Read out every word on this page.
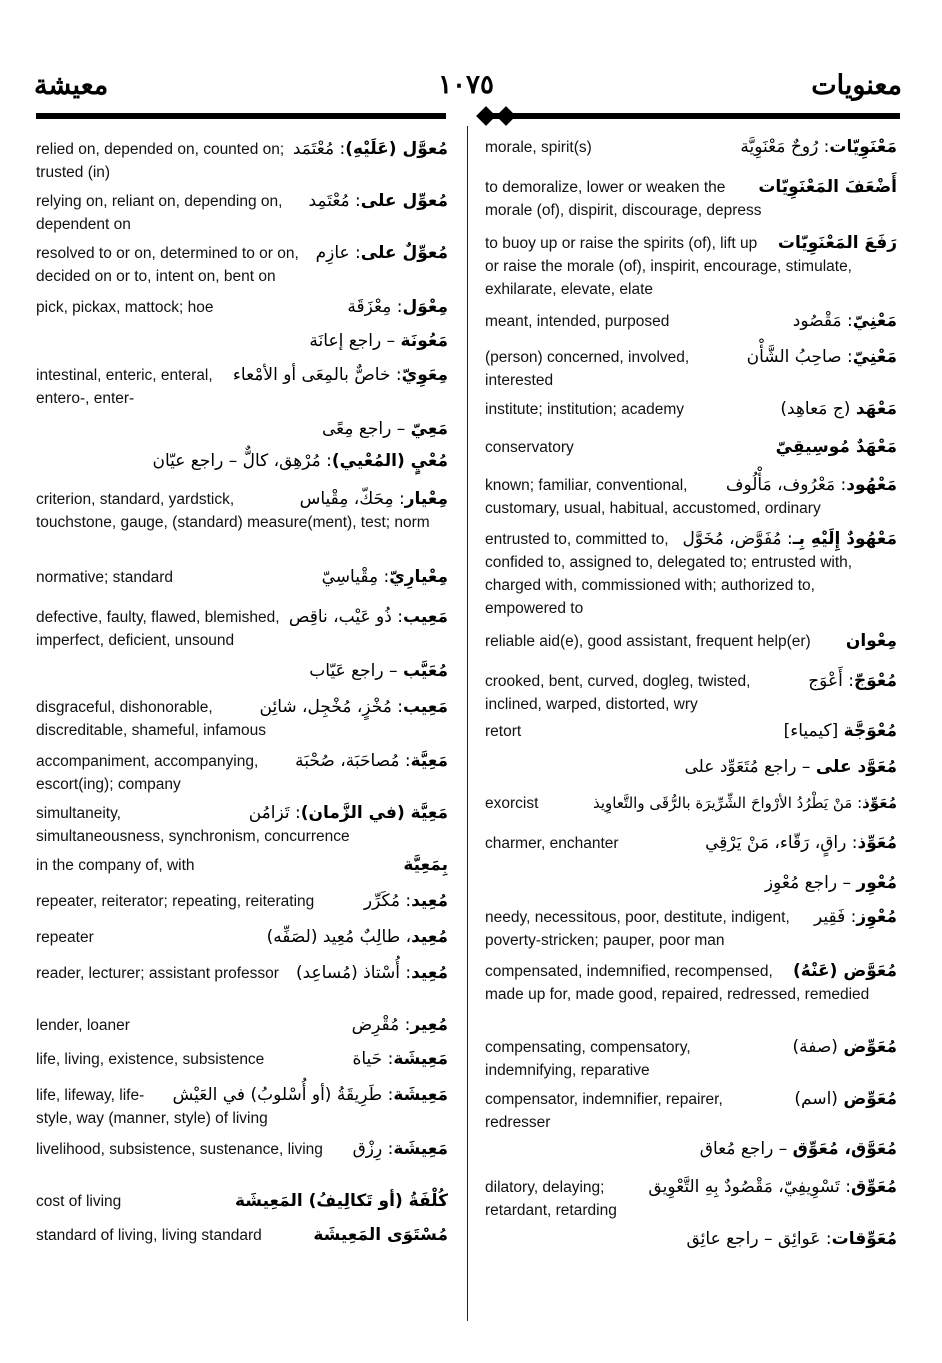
معيشة	١٠٧٥	معنويات
مُعوَّل (عَلَيْهِ): مُعْتَمَد
relied on, depended on, counted on; trusted (in)
مُعوِّل على: مُعْتَمِد
relying on, reliant on, depending on, dependent on
مُعوِّلٌ على: عازِم
resolved to or on, determined to or on, decided on or to, intent on, bent on
مِعْوَل: مِعْزَقَة
pick, pickax, mattock; hoe
مَعُونَة – راجع إعانَة
مِعَوِيّ: خاصٌّ بالمِعَى أو الأمْعاء
intestinal, enteric, enteral, entero-, enter-
مَعِيّ – راجع مِعًى
مُعْيٍ (المُعْيي): مُرْهِق، كالٌّ – راجع عيّان
مِعْيار: مِحَكّ، مِقْياس
criterion, standard, yardstick, touchstone, gauge, (standard) measure(ment), test; norm
مِعْيارِيّ: مِقْياسِيّ
normative; standard
مَعِيب: ذُو عَيْب، ناقِص
defective, faulty, flawed, blemished, imperfect, deficient, unsound
مُعَيَّب – راجع عَيّاب
مَعِيب: مُخْزٍ، مُخْجِل، شائِن
disgraceful, dishonorable, discreditable, shameful, infamous
مَعِيَّة: مُصاحَبَة، صُحْبَة
accompaniment, accompanying, escort(ing); company
مَعِيَّة (في الزَّمان): تَزامُن
simultaneity, simultaneousness, synchronism, concurrence
بِمَعِيَّة
in the company of, with
مُعِيد: مُكَرِّر
repeater, reiterator; repeating, reiterating
مُعِيد، طالِبٌ مُعِيد (لصَفِّه)
repeater
مُعِيد: أُسْتاذ (مُساعِد)
reader, lecturer; assistant professor
مُعِير: مُقْرِض
lender, loaner
مَعِيشَة: حَياة
life, living, existence, subsistence
مَعِيشَة: طَرِيقَةُ (أو أُسْلوبُ) في العَيْش
life, lifeway, life-style, way (manner, style) of living
مَعِيشَة: رِزْق
livelihood, subsistence, sustenance, living
كُلْفَةُ (أو تَكالِيفُ) المَعِيشَة
cost of living
مُسْتَوَى المَعِيشَة
standard of living, living standard
مَعْنَوِيّات: رُوحٌ مَعْنَوِيَّة
morale, spirit(s)
أَضْعَفَ المَعْنَوِيّات
to demoralize, lower or weaken the morale (of), dispirit, discourage, depress
رَفَعَ المَعْنَوِيّات
to buoy up or raise the spirits (of), lift up or raise the morale (of), inspirit, encourage, stimulate, exhilarate, elevate, elate
مَعْنِيّ: مَقْصُود
meant, intended, purposed
مَعْنِيّ: صاحِبُ الشَّأْن
(person) concerned, involved, interested
مَعْهَد (ج مَعاهِد)
institute; institution; academy
مَعْهَدٌ مُوسِيقِيّ
conservatory
مَعْهُود: مَعْرُوف، مَأْلُوف
known; familiar, conventional, customary, usual, habitual, accustomed, ordinary
مَعْهُودٌ إِلَيْهِ بِـ: مُفَوَّض، مُخَوَّل
entrusted to, committed to, confided to, assigned to, delegated to; entrusted with, charged with, commissioned with; authorized to, empowered to
مِعْوان
reliable aid(e), good assistant, frequent help(er)
مُعْوَجّ: أَعْوَج
crooked, bent, curved, dogleg, twisted, inclined, warped, distorted, wry
مُعْوَجَّة [كيمياء]
retort
مُعَوَّد على – راجع مُتَعَوِّد على
مُعَوِّذ: مَنْ يَطْرُدُ الأرْواحَ الشِّرِّيرَة بالرُّقَى والتَّعاوِيذ
exorcist
مُعَوِّذ: راقٍ، رَقّاء، مَنْ يَرْقِي
charmer, enchanter
مُعْوِر – راجع مُعْوِز
مُعْوِز: فَقِير
needy, necessitous, poor, destitute, indigent, poverty-stricken; pauper, poor man
مُعَوَّض (عَنْهُ)
compensated, indemnified, recompensed, made up for, made good, repaired, redressed, remedied
مُعَوِّض (صفة)
compensating, compensatory, indemnifying, reparative
مُعَوِّض (اسم)
compensator, indemnifier, repairer, redresser
مُعَوَّق، مُعَوِّق – راجع مُعاق
مُعَوِّق: تَسْوِيفِيّ، مَقْصُودٌ بِهِ التَّعْوِيق
dilatory, delaying; retardant, retarding
مُعَوِّقات: عَوائِق – راجع عائِق
